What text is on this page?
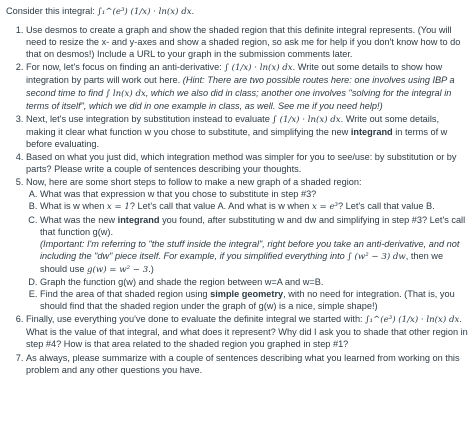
Consider this integral: ∫₁^(e³) (1/x) · ln(x) dx.
1. Use desmos to create a graph and show the shaded region that this definite integral represents. (You will need to resize the x- and y-axes and show a shaded region, so ask me for help if you don't know how to do that on desmos!) Include a URL to your graph in the submission comments later.
2. For now, let's focus on finding an anti-derivative: ∫ (1/x) · ln(x) dx. Write out some details to show how integration by parts will work out here. (Hint: There are two possible routes here: one involves using IBP a second time to find ∫ ln(x) dx, which we also did in class; another one involves "solving for the integral in terms of itself", which we did in one example in class, as well. See me if you need help!)
3. Next, let's use integration by substitution instead to evaluate ∫ (1/x) · ln(x) dx. Write out some details, making it clear what function w you chose to substitute, and simplifying the new integrand in terms of w before evaluating.
4. Based on what you just did, which integration method was simpler for you to see/use: by substitution or by parts? Please write a couple of sentences describing your thoughts.
5. Now, here are some short steps to follow to make a new graph of a shaded region:
A. What was that expression w that you chose to substitute in step #3?
B. What is w when x = 1? Let's call that value A. And what is w when x = e³? Let's call that value B.
C. What was the new integrand you found, after substituting w and dw and simplifying in step #3? Let's call that function g(w).
(Important: I'm referring to "the stuff inside the integral", right before you take an anti-derivative, and not including the "dw" piece itself. For example, if you simplified everything into ∫ (w² − 3) dw, then we should use g(w) = w² − 3.)
D. Graph the function g(w) and shade the region between w=A and w=B.
E. Find the area of that shaded region using simple geometry, with no need for integration. (That is, you should find that the shaded region under the graph of g(w) is a nice, simple shape!)
6. Finally, use everything you've done to evaluate the definite integral we started with: ∫₁^(e³) (1/x) · ln(x) dx. What is the value of that integral, and what does it represent? Why did I ask you to shade that other region in step #4? How is that area related to the shaded region you graphed in step #1?
7. As always, please summarize with a couple of sentences describing what you learned from working on this problem and any other questions you have.
